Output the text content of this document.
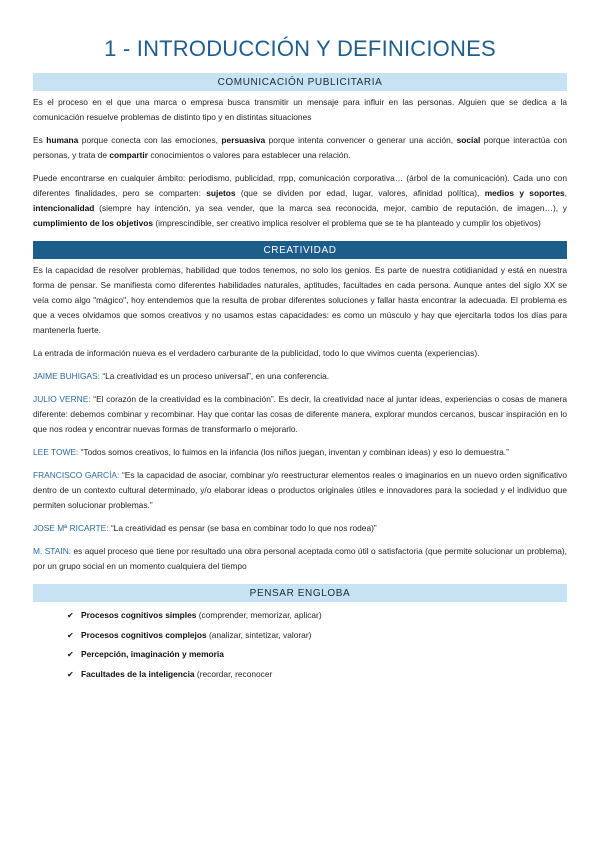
1 - INTRODUCCIÓN Y DEFINICIONES
COMUNICACIÓN PUBLICITARIA

Es el proceso en el que una marca o empresa busca transmitir un mensaje para influir en las personas. Alguien que se dedica a la comunicación resuelve problemas de distinto tipo y en distintas situaciones

Es humana porque conecta con las emociones, persuasiva porque intenta convencer o generar una acción, social porque interactúa con personas, y trata de compartir conocimientos o valores para establecer una relación.

Puede encontrarse en cualquier ámbito: periodismo, publicidad, rrpp, comunicación corporativa… (árbol de la comunicación). Cada uno con diferentes finalidades, pero se comparten: sujetos (que se dividen por edad, lugar, valores, afinidad política), medios y soportes, intencionalidad (siempre hay intención, ya sea vender, que la marca sea reconocida, mejor, cambio de reputación, de imagen…), y cumplimiento de los objetivos (imprescindible, ser creativo implica resolver el problema que se te ha planteado y cumplir los objetivos)

CREATIVIDAD

Es la capacidad de resolver problemas, habilidad que todos tenemos, no solo los genios. Es parte de nuestra cotidianidad y está en nuestra forma de pensar. Se manifiesta como diferentes habilidades naturales, aptitudes, facultades en cada persona. Aunque antes del siglo XX se veía como algo "mágico", hoy entendemos que la resulta de probar diferentes soluciones y fallar hasta encontrar la adecuada. El problema es que a veces olvidamos que somos creativos y no usamos estas capacidades: es como un músculo y hay que ejercitarla todos los días para mantenerla fuerte.

La entrada de información nueva es el verdadero carburante de la publicidad, todo lo que vivimos cuenta (experiencias).

JAIME BUHIGAS: “La creatividad es un proceso universal”, en una conferencia.

JULIO VERNE: “El corazón de la creatividad es la combinación”. Es decir, la creatividad nace al juntar ideas, experiencias o cosas de manera diferente: debemos combinar y recombinar. Hay que contar las cosas de diferente manera, explorar mundos cercanos, buscar inspiración en lo que nos rodea y encontrar nuevas formas de transformarlo o mejorarlo.

LEE TOWE: “Todos somos creativos, lo fuimos en la infancia (los niños juegan, inventan y combinan ideas) y eso lo demuestra.”

FRANCISCO GARCÍA: “Es la capacidad de asociar, combinar y/o reestructurar elementos reales o imaginarios en un nuevo orden significativo dentro de un contexto cultural determinado, y/o elaborar ideas o productos originales útiles e innovadores para la sociedad y el individuo que permiten solucionar problemas.”

JOSE Mª RICARTE: “La creatividad es pensar (se basa en combinar todo lo que nos rodea)”

M. STAIN: es aquel proceso que tiene por resultado una obra personal aceptada como útil o satisfactoria (que permite solucionar un problema), por un grupo social en un momento cualquiera del tiempo

PENSAR ENGLOBA
✔ Procesos cognitivos simples (comprender, memorizar, aplicar)
✔ Procesos cognitivos complejos (analizar, sintetizar, valorar)
✔ Percepción, imaginación y memoria
✔ Facultades de la inteligencia (recordar, reconocer
